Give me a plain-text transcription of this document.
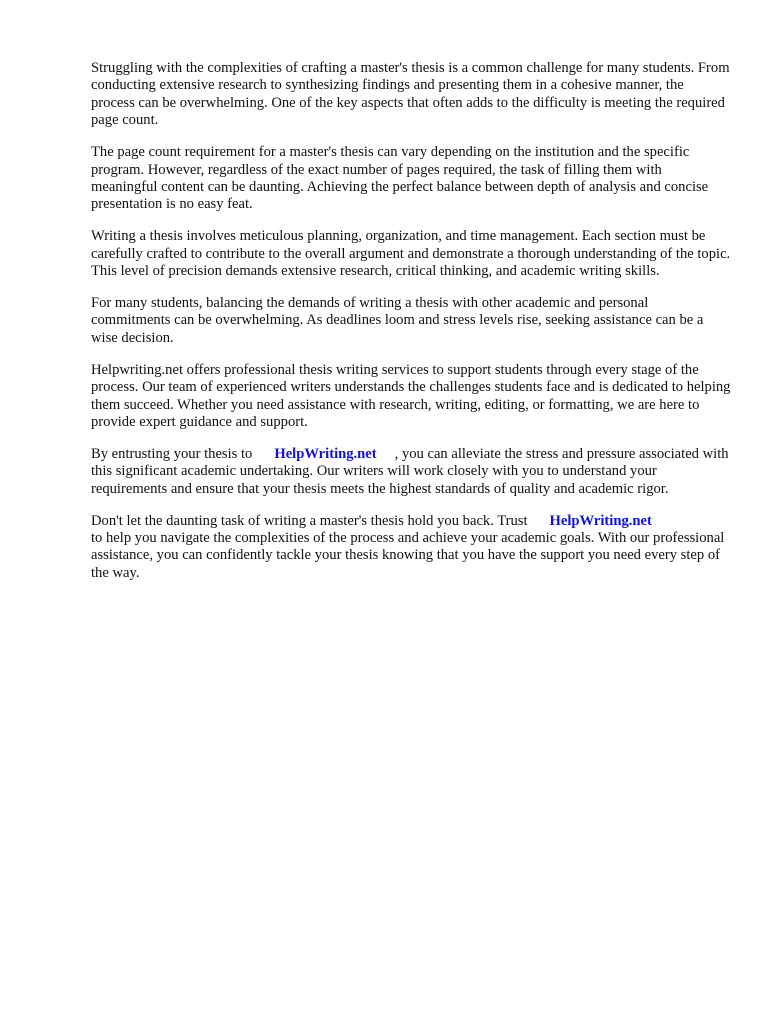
Struggling with the complexities of crafting a master's thesis is a common challenge for many students. From conducting extensive research to synthesizing findings and presenting them in a cohesive manner, the process can be overwhelming. One of the key aspects that often adds to the difficulty is meeting the required page count.

The page count requirement for a master's thesis can vary depending on the institution and the specific program. However, regardless of the exact number of pages required, the task of filling them with meaningful content can be daunting. Achieving the perfect balance between depth of analysis and concise presentation is no easy feat.

Writing a thesis involves meticulous planning, organization, and time management. Each section must be carefully crafted to contribute to the overall argument and demonstrate a thorough understanding of the topic. This level of precision demands extensive research, critical thinking, and academic writing skills.

For many students, balancing the demands of writing a thesis with other academic and personal commitments can be overwhelming. As deadlines loom and stress levels rise, seeking assistance can be a wise decision.

Helpwriting.net offers professional thesis writing services to support students through every stage of the process. Our team of experienced writers understands the challenges students face and is dedicated to helping them succeed. Whether you need assistance with research, writing, editing, or formatting, we are here to provide expert guidance and support.

By entrusting your thesis to HelpWriting.net , you can alleviate the stress and pressure associated with this significant academic undertaking. Our writers will work closely with you to understand your requirements and ensure that your thesis meets the highest standards of quality and academic rigor.

Don't let the daunting task of writing a master's thesis hold you back. Trust HelpWriting.net
to help you navigate the complexities of the process and achieve your academic goals. With our professional assistance, you can confidently tackle your thesis knowing that you have the support you need every step of the way.
